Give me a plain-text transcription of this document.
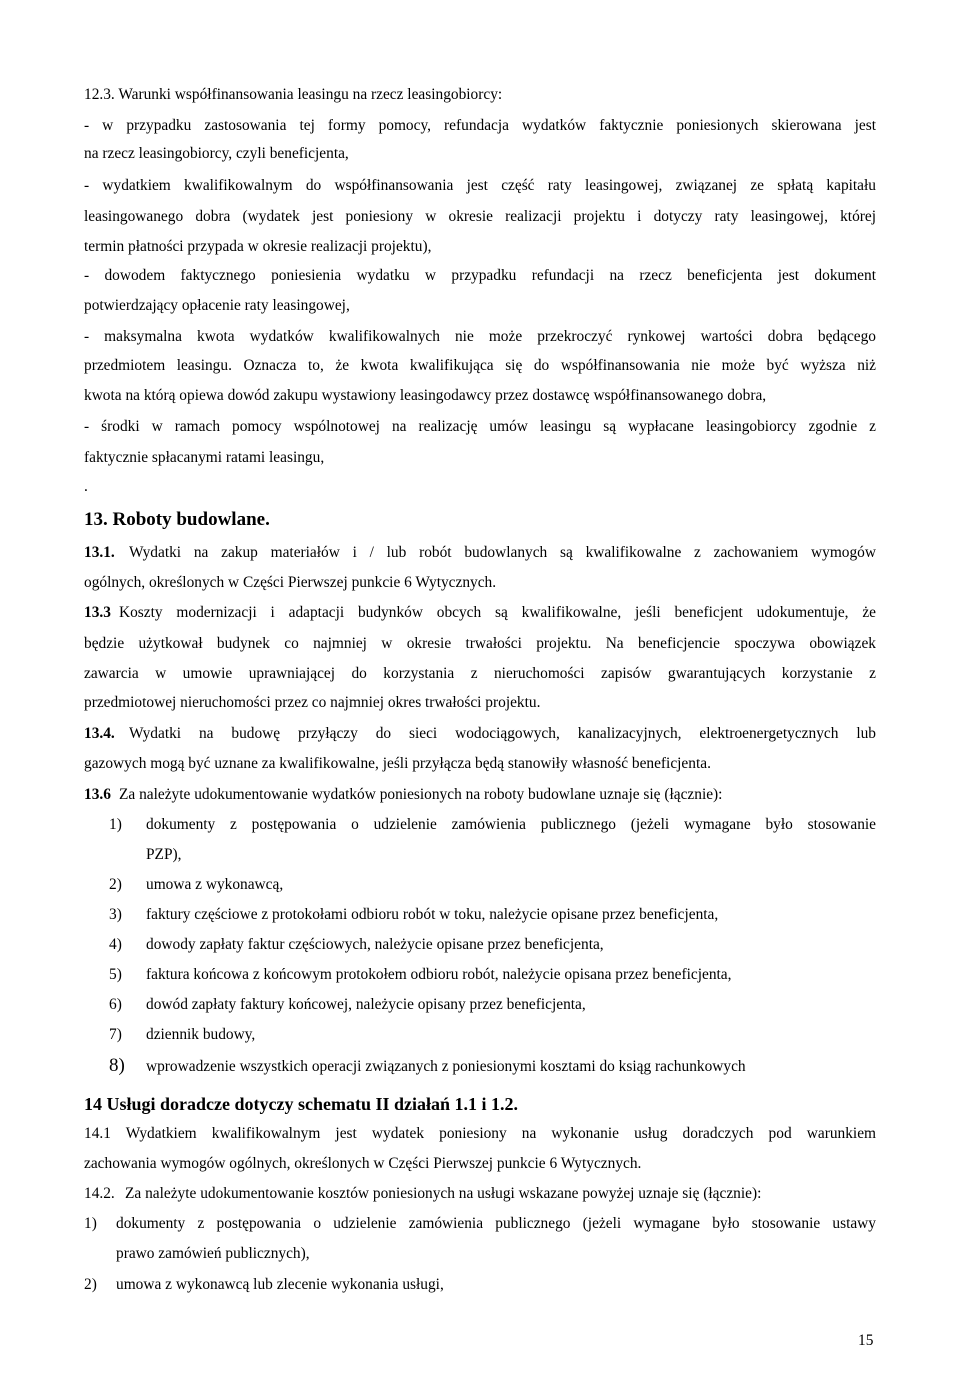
12.3. Warunki współfinansowania leasingu na rzecz leasingobiorcy:
- w przypadku zastosowania tej formy pomocy, refundacja wydatków faktycznie poniesionych skierowana jest
na rzecz leasingobiorcy, czyli beneficjenta,
- wydatkiem kwalifikowalnym do współfinansowania jest część raty leasingowej, związanej ze spłatą kapitału
leasingowanego dobra (wydatek jest poniesiony w okresie realizacji projektu i dotyczy raty leasingowej, której
termin płatności przypada w okresie realizacji projektu),
- dowodem faktycznego poniesienia wydatku w przypadku refundacji na rzecz beneficjenta jest dokument
potwierdzający opłacenie raty leasingowej,
- maksymalna kwota wydatków kwalifikowalnych nie może przekroczyć rynkowej wartości dobra będącego
przedmiotem leasingu. Oznacza to, że kwota kwalifikująca się do współfinansowania nie może być wyższa niż
kwota na którą opiewa dowód zakupu wystawiony leasingodawcy przez dostawcę współfinansowanego dobra,
- środki w ramach pomocy wspólnotowej na realizację umów leasingu są wypłacane leasingobiorcy zgodnie z
faktycznie spłacanymi ratami leasingu,
.
13. Roboty budowlane.
13.1. Wydatki na zakup materiałów i / lub robót budowlanych są kwalifikowalne z zachowaniem wymogów
ogólnych, określonych w Części Pierwszej punkcie 6 Wytycznych.
13.3 Koszty modernizacji i adaptacji budynków obcych są kwalifikowalne, jeśli beneficjent udokumentuje, że
będzie użytkował budynek co najmniej w okresie trwałości projektu. Na beneficjencie spoczywa obowiązek
zawarcia w umowie uprawniającej do korzystania z nieruchomości zapisów gwarantujących korzystanie z
przedmiotowej nieruchomości przez co najmniej okres trwałości projektu.
13.4. Wydatki na budowę przyłączy do sieci wodociągowych, kanalizacyjnych, elektroenergetycznych lub
gazowych mogą być uznane za kwalifikowalne, jeśli przyłącza będą stanowiły własność beneficjenta.
13.6 Za należyte udokumentowanie wydatków poniesionych na roboty budowlane uznaje się (łącznie):
1) dokumenty z postępowania o udzielenie zamówienia publicznego (jeżeli wymagane było stosowanie
PZP),
2) umowa z wykonawcą,
3) faktury częściowe z protokołami odbioru robót w toku, należycie opisane przez beneficjenta,
4) dowody zapłaty faktur częściowych, należycie opisane przez beneficjenta,
5) faktura końcowa z końcowym protokołem odbioru robót, należycie opisana przez beneficjenta,
6) dowód zapłaty faktury końcowej, należycie opisany przez beneficjenta,
7) dziennik budowy,
8) wprowadzenie wszystkich operacji związanych z poniesionymi kosztami do ksiąg rachunkowych
14 Usługi doradcze dotyczy schematu II działań 1.1 i 1.2.
14.1 Wydatkiem kwalifikowalnym jest wydatek poniesiony na wykonanie usług doradczych pod warunkiem
zachowania wymogów ogólnych, określonych w Części Pierwszej punkcie 6 Wytycznych.
14.2. Za należyte udokumentowanie kosztów poniesionych na usługi wskazane powyżej uznaje się (łącznie):
1) dokumenty z postępowania o udzielenie zamówienia publicznego (jeżeli wymagane było stosowanie ustawy
prawo zamówień publicznych),
2) umowa z wykonawcą lub zlecenie wykonania usługi,
15
